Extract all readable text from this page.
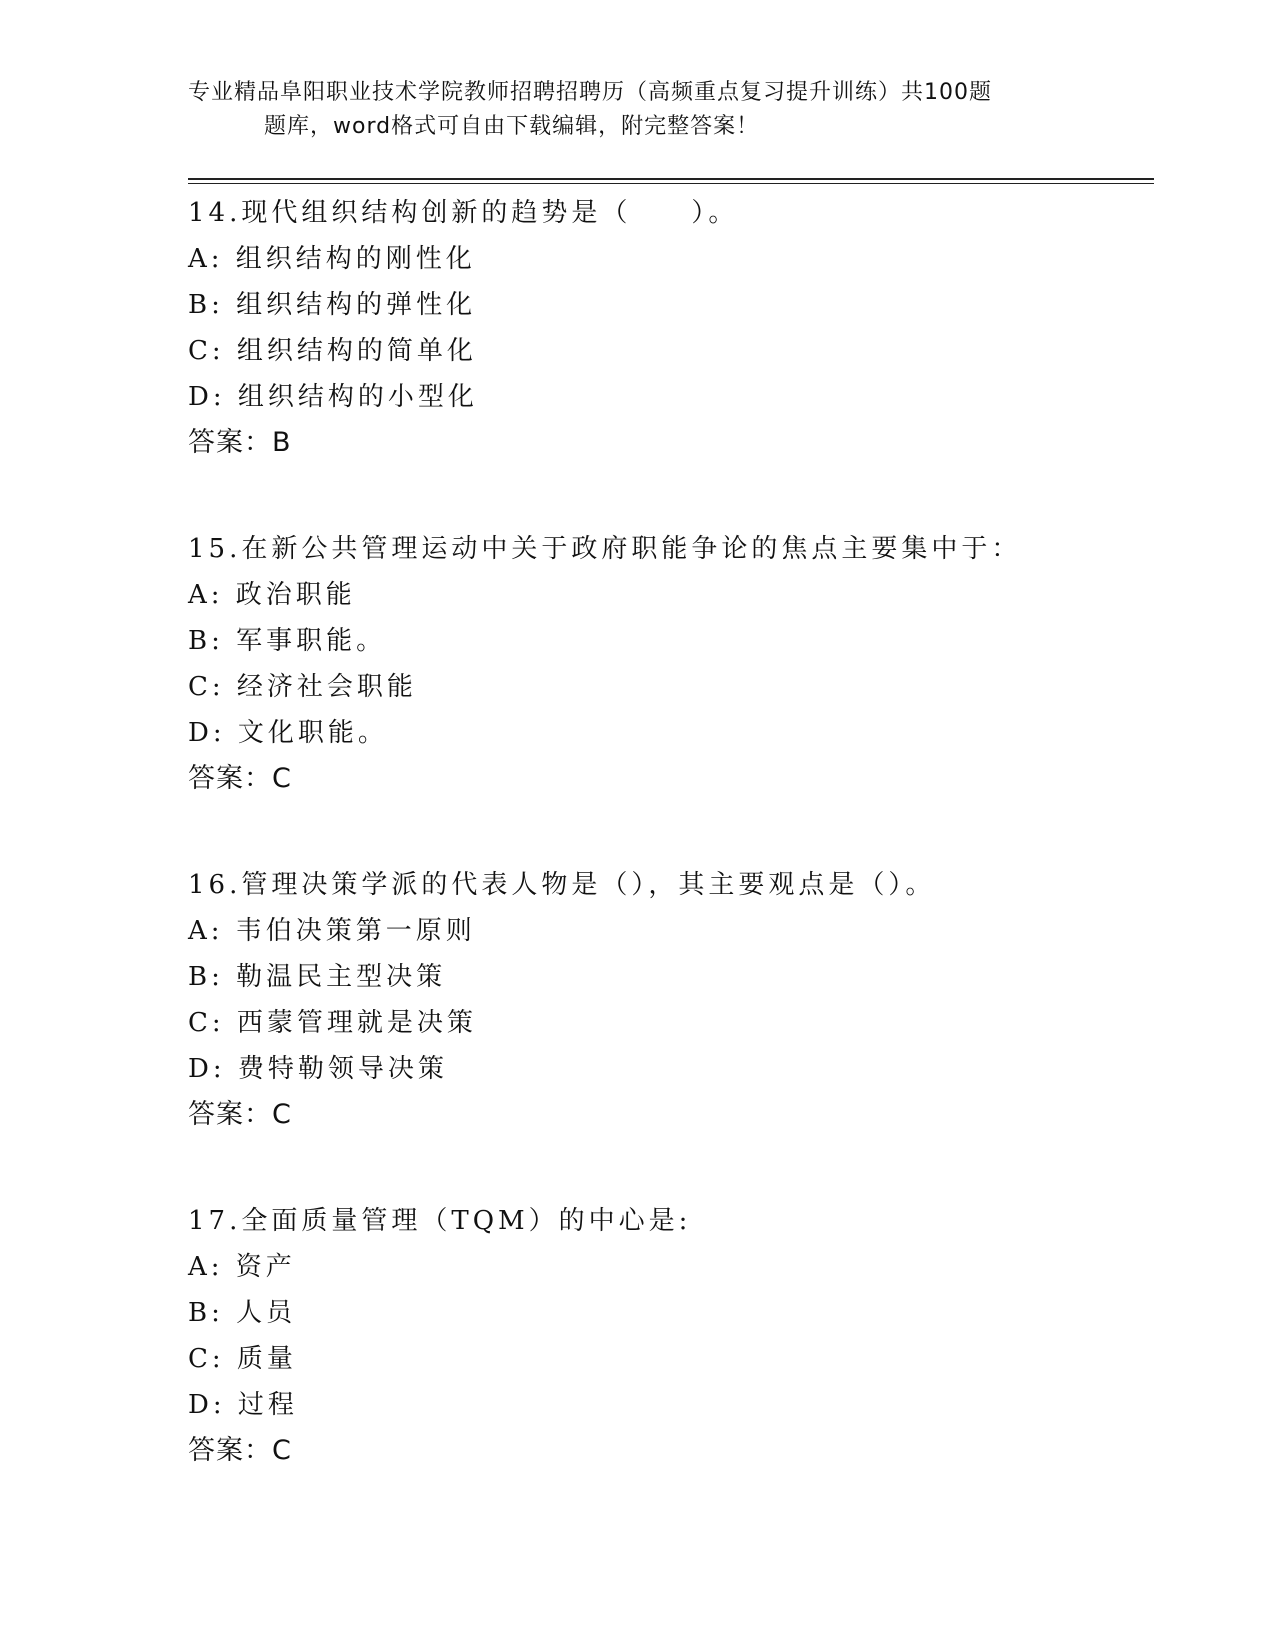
专业精品阜阳职业技术学院教师招聘招聘历（高频重点复习提升训练）共100题
题库，word格式可自由下载编辑，附完整答案！
14.现代组织结构创新的趋势是（　　）。
A: 组织结构的刚性化
B: 组织结构的弹性化
C: 组织结构的简单化
D: 组织结构的小型化
答案：B
15.在新公共管理运动中关于政府职能争论的焦点主要集中于：
A: 政治职能
B: 军事职能。
C: 经济社会职能
D: 文化职能。
答案：C
16.管理决策学派的代表人物是（），其主要观点是（）。
A: 韦伯决策第一原则
B: 勒温民主型决策
C: 西蒙管理就是决策
D: 费特勒领导决策
答案：C
17.全面质量管理（TQM）的中心是:
A: 资产
B: 人员
C: 质量
D: 过程
答案：C
